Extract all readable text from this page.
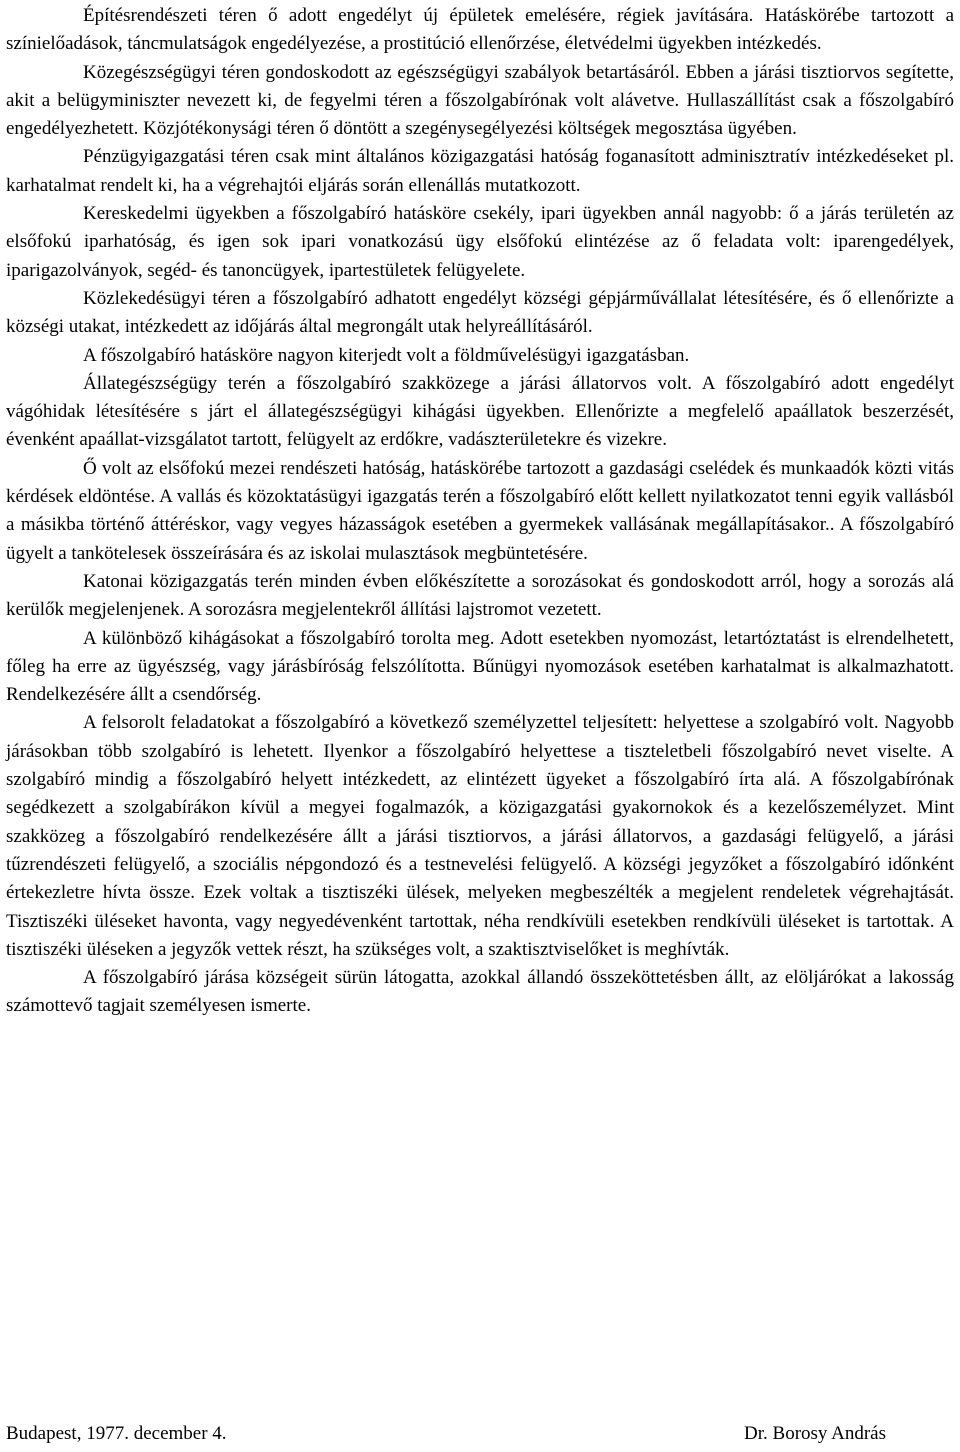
Építésrendészeti téren ő adott engedélyt új épületek emelésére, régiek javítására. Hatáskörébe tartozott a színielőadások, táncmulatságok engedélyezése, a prostitúció ellenőrzése, életvédelmi ügyekben intézkedés.

Közegészségügyi téren gondoskodott az egészségügyi szabályok betartásáról. Ebben a járási tisztiorvos segítette, akit a belügyminiszter nevezett ki, de fegyelmi téren a főszolgabírónak volt alávetve. Hullaszállítást csak a főszolgabíró engedélyezhetett. Közjótékonysági téren ő döntött a szegénysegélyezési költségek megosztása ügyében.

Pénzügyigazgatási téren csak mint általános közigazgatási hatóság foganasított adminisztratív intézkedéseket pl. karhatalmat rendelt ki, ha a végrehajtói eljárás során ellenállás mutatkozott.

Kereskedelmi ügyekben a főszolgabíró hatásköre csekély, ipari ügyekben annál nagyobb: ő a járás területén az elsőfokú iparhatóság, és igen sok ipari vonatkozású ügy elsőfokú elintézése az ő feladata volt: iparengedélyek, iparigazolványok, segéd- és tanoncügyek, ipartestületek felügyelete.

Közlekedésügyi téren a főszolgabíró adhatott engedélyt községi gépjárművállalat létesítésére, és ő ellenőrizte a községi utakat, intézkedett az időjárás által megrongált utak helyreállításáról.

A főszolgabíró hatásköre nagyon kiterjedt volt a földművelésügyi igazgatásban.

Állategészségügy terén a főszolgabíró szakközege a járási állatorvos volt. A főszolgabíró adott engedélyt vágóhidak létesítésére s járt el állategészségügyi kihágási ügyekben. Ellenőrizte a megfelelő apaállatok beszerzését, évenként apaállat-vizsgálatot tartott, felügyelt az erdőkre, vadászterületekre és vizekre.

Ő volt az elsőfokú mezei rendészeti hatóság, hatáskörébe tartozott a gazdasági cselédek és munkaadók közti vitás kérdések eldöntése. A vallás és közoktatásügyi igazgatás terén a főszolgabíró előtt kellett nyilatkozatot tenni egyik vallásból a másikba történő áttéréskor, vagy vegyes házasságok esetében a gyermekek vallásának megállapításakor.. A főszolgabíró ügyelt a tankötelesek összeírására és az iskolai mulasztások megbüntetésére.

Katonai közigazgatás terén minden évben előkészítette a sorozásokat és gondoskodott arról, hogy a sorozás alá kerülők megjelenjenek. A sorozásra megjelentekről állítási lajstromot vezetett.

A különböző kihágásokat a főszolgabíró torolta meg. Adott esetekben nyomozást, letartóztatást is elrendelhetett, főleg ha erre az ügyészség, vagy járásbíróság felszólította. Bűnügyi nyomozások esetében karhatalmat is alkalmazhatott. Rendelkezésére állt a csendőrség.

A felsorolt feladatokat a főszolgabíró a következő személyzettel teljesített: helyettese a szolgabíró volt. Nagyobb járásokban több szolgabíró is lehetett. Ilyenkor a főszolgabíró helyettese a tiszteletbeli főszolgabíró nevet viselte. A szolgabíró mindig a főszolgabíró helyett intézkedett, az elintézett ügyeket a főszolgabíró írta alá. A főszolgabírónak segédkezett a szolgabírákon kívül a megyei fogalmazók, a közigazgatási gyakornokok és a kezelőszemélyzet. Mint szakközeg a főszolgabíró rendelkezésére állt a járási tisztiorvos, a járási állatorvos, a gazdasági felügyelő, a járási tűzrendészeti felügyelő, a szociális népgondozó és a testnevelési felügyelő. A községi jegyzőket a főszolgabíró időnként értekezletre hívta össze. Ezek voltak a tisztiszéki ülések, melyeken megbeszélték a megjelent rendeletek végrehajtását. Tisztiszéki üléseket havonta, vagy negyedévenként tartottak, néha rendkívüli esetekben rendkívüli üléseket is tartottak. A tisztiszéki üléseken a jegyzők vettek részt, ha szükséges volt, a szaktisztviselőket is meghívták.

A főszolgabíró járása községeit sürün látogatta, azokkal állandó összeköttetésben állt, az elöljárókat a lakosság számottevő tagjait személyesen ismerte.

Budapest, 1977. december 4.	Dr. Borosy András
